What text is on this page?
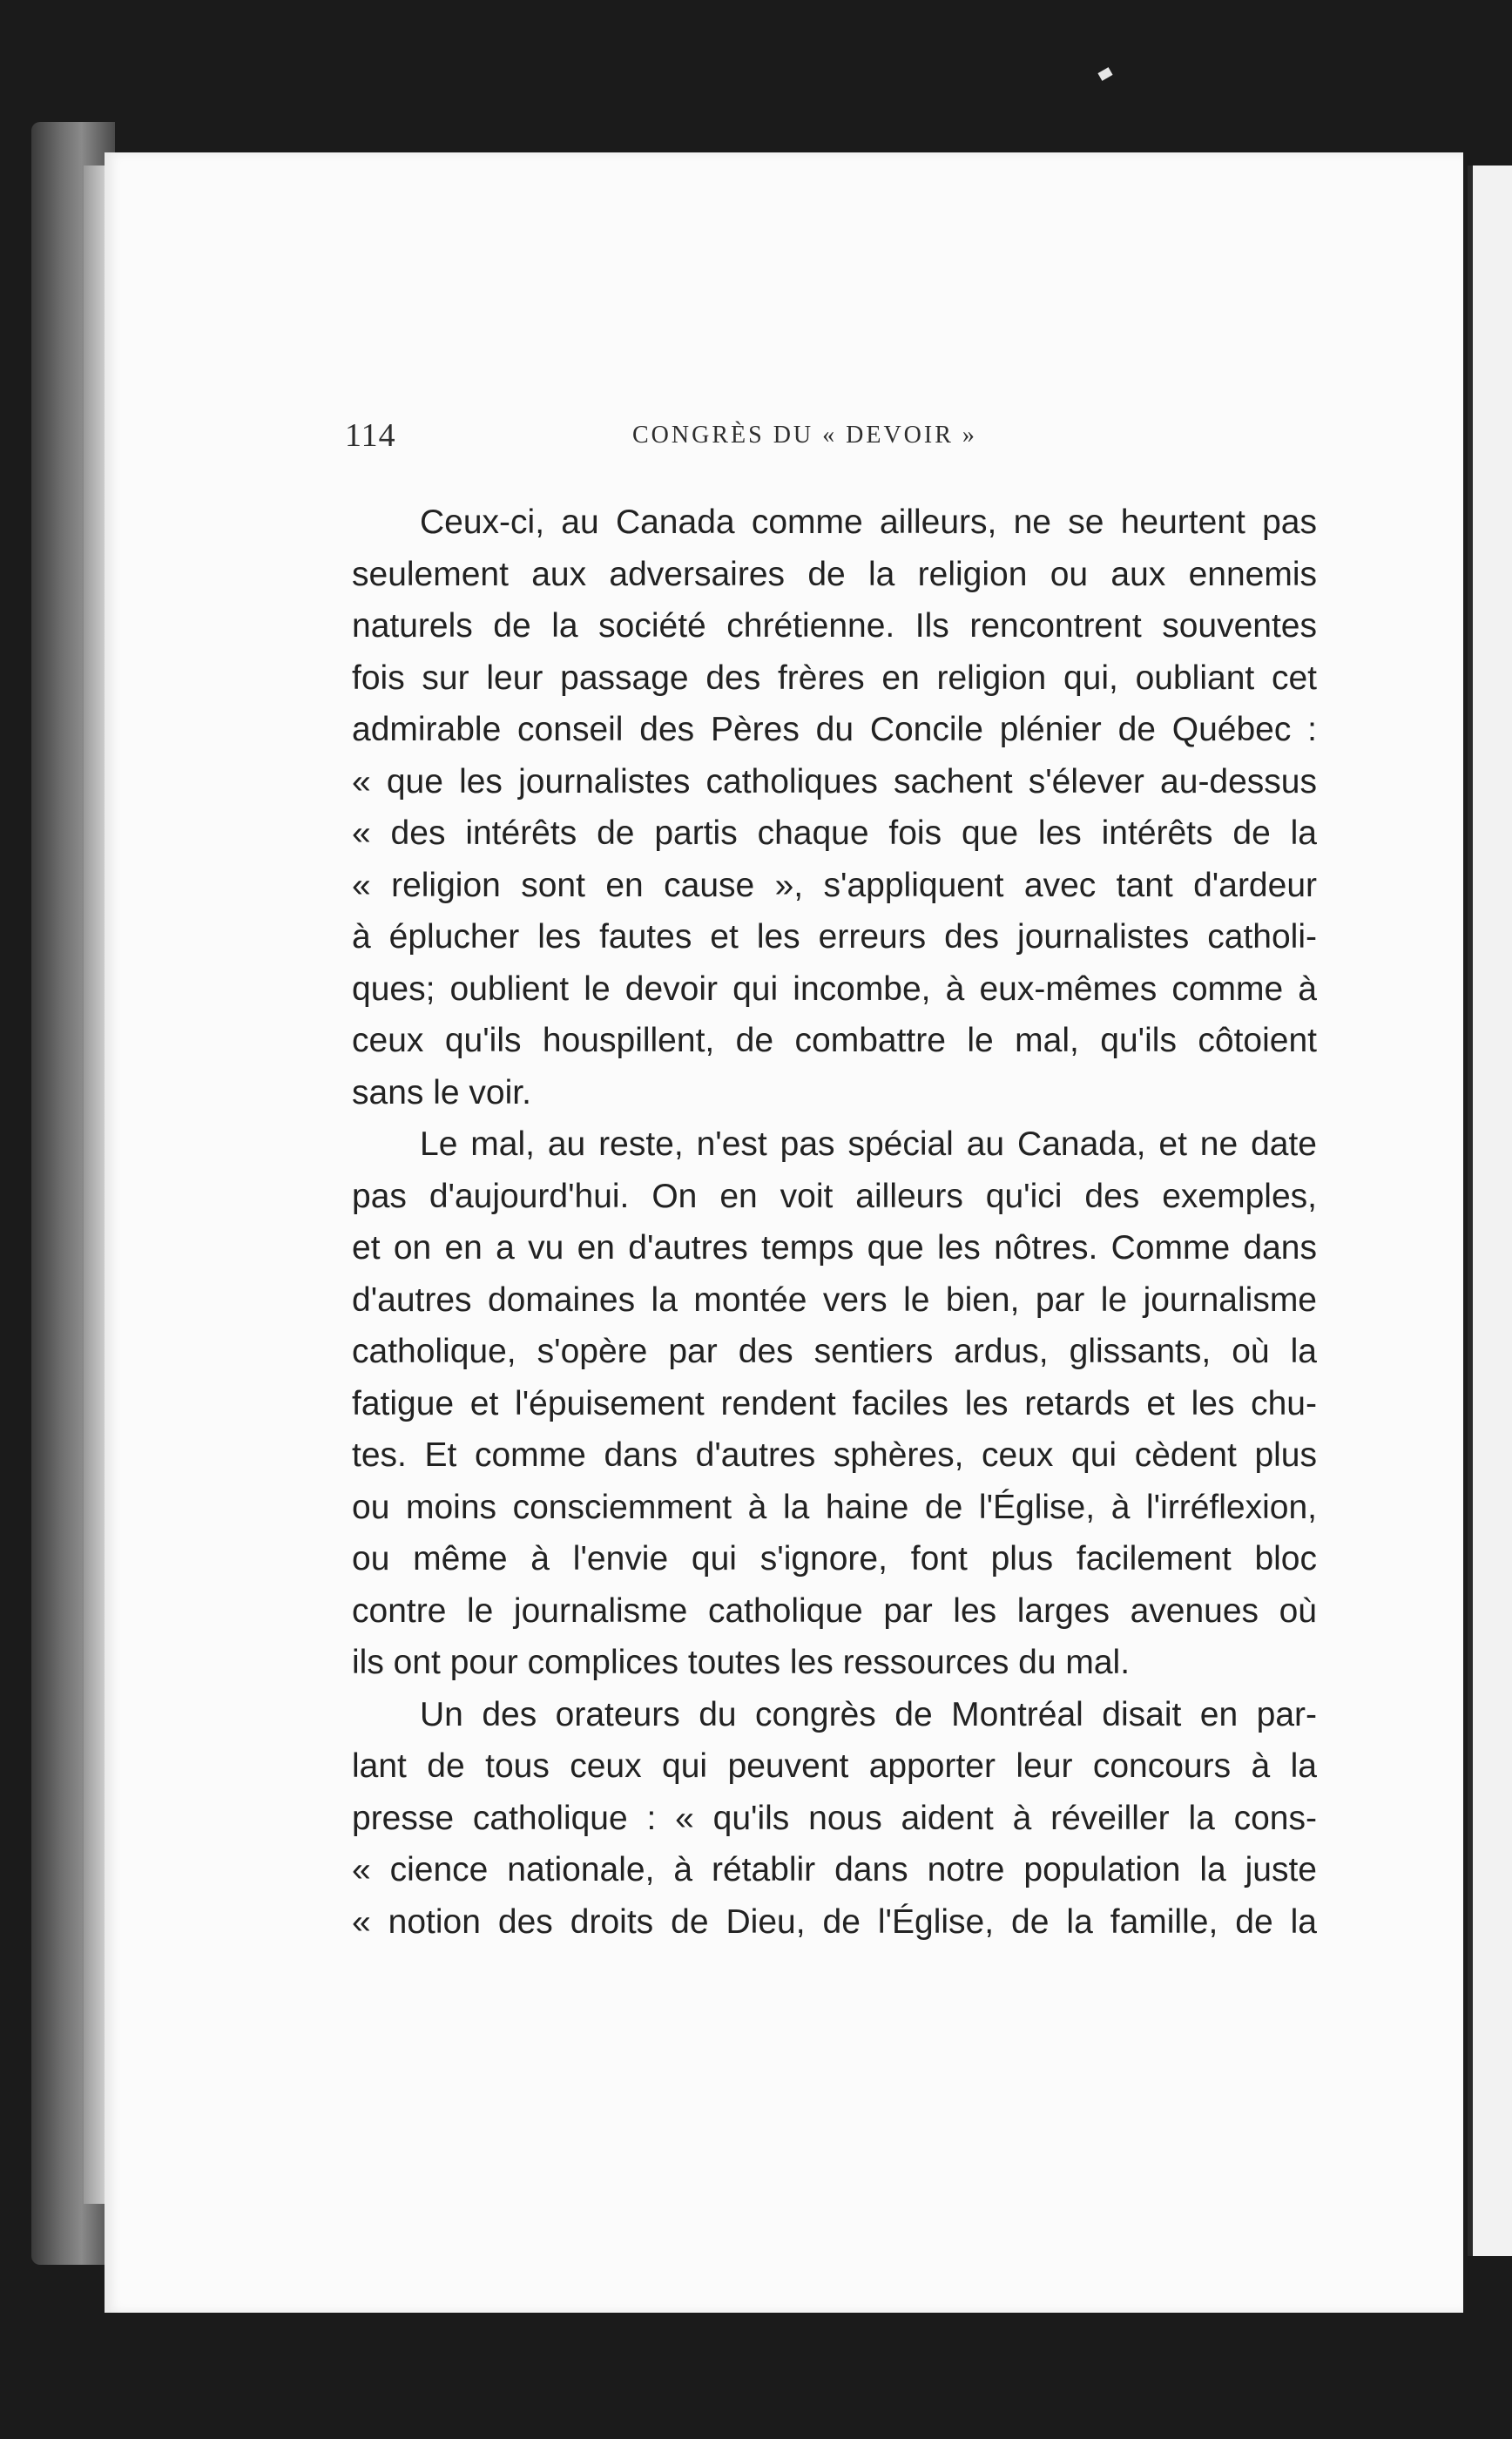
114	CONGRÈS DU « DEVOIR »
Ceux-ci, au Canada comme ailleurs, ne se heurtent pas
seulement aux adversaires de la religion ou aux ennemis
naturels de la société chrétienne. Ils rencontrent souventes
fois sur leur passage des frères en religion qui, oubliant cet
admirable conseil des Pères du Concile plénier de Québec :
« que les journalistes catholiques sachent s'élever au-dessus
« des intérêts de partis chaque fois que les intérêts de la
« religion sont en cause », s'appliquent avec tant d'ardeur
à éplucher les fautes et les erreurs des journalistes catholi-
ques; oublient le devoir qui incombe, à eux-mêmes comme à
ceux qu'ils houspillent, de combattre le mal, qu'ils côtoient
sans le voir.
Le mal, au reste, n'est pas spécial au Canada, et ne date
pas d'aujourd'hui. On en voit ailleurs qu'ici des exemples,
et on en a vu en d'autres temps que les nôtres. Comme dans
d'autres domaines la montée vers le bien, par le journalisme
catholique, s'opère par des sentiers ardus, glissants, où la
fatigue et l'épuisement rendent faciles les retards et les chu-
tes. Et comme dans d'autres sphères, ceux qui cèdent plus
ou moins consciemment à la haine de l'Église, à l'irréflexion,
ou même à l'envie qui s'ignore, font plus facilement bloc
contre le journalisme catholique par les larges avenues où
ils ont pour complices toutes les ressources du mal.
Un des orateurs du congrès de Montréal disait en par-
lant de tous ceux qui peuvent apporter leur concours à la
presse catholique : « qu'ils nous aident à réveiller la cons-
« cience nationale, à rétablir dans notre population la juste
« notion des droits de Dieu, de l'Église, de la famille, de la
